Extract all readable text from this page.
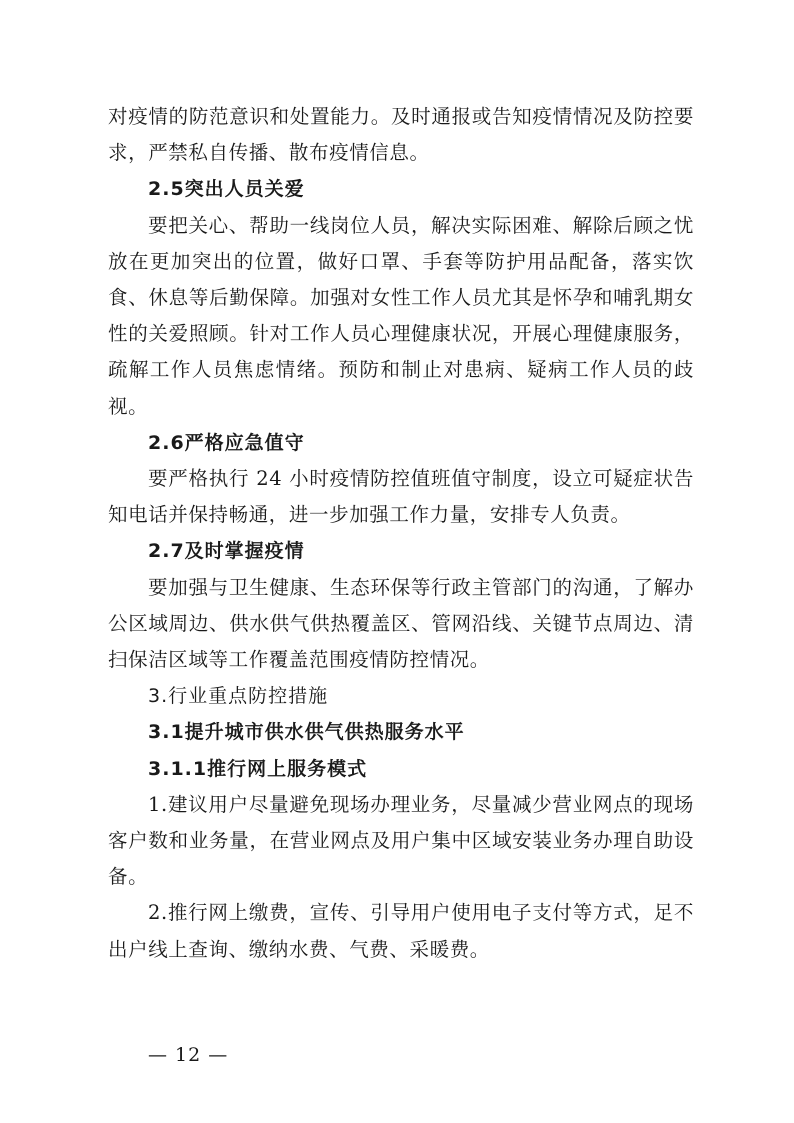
对疫情的防范意识和处置能力。及时通报或告知疫情情况及防控要求，严禁私自传播、散布疫情信息。

2.5突出人员关爱

要把关心、帮助一线岗位人员，解决实际困难、解除后顾之忧放在更加突出的位置，做好口罩、手套等防护用品配备，落实饮食、休息等后勤保障。加强对女性工作人员尤其是怀孕和哺乳期女性的关爱照顾。针对工作人员心理健康状况，开展心理健康服务，疏解工作人员焦虑情绪。预防和制止对患病、疑病工作人员的歧视。

2.6严格应急值守

要严格执行 24 小时疫情防控值班值守制度，设立可疑症状告知电话并保持畅通，进一步加强工作力量，安排专人负责。

2.7及时掌握疫情

要加强与卫生健康、生态环保等行政主管部门的沟通，了解办公区域周边、供水供气供热覆盖区、管网沿线、关键节点周边、清扫保洁区域等工作覆盖范围疫情防控情况。

3.行业重点防控措施

3.1提升城市供水供气供热服务水平

3.1.1推行网上服务模式

1.建议用户尽量避免现场办理业务，尽量减少营业网点的现场客户数和业务量，在营业网点及用户集中区域安装业务办理自助设备。

2.推行网上缴费，宣传、引导用户使用电子支付等方式，足不出户线上查询、缴纳水费、气费、采暖费。

— 12 —
